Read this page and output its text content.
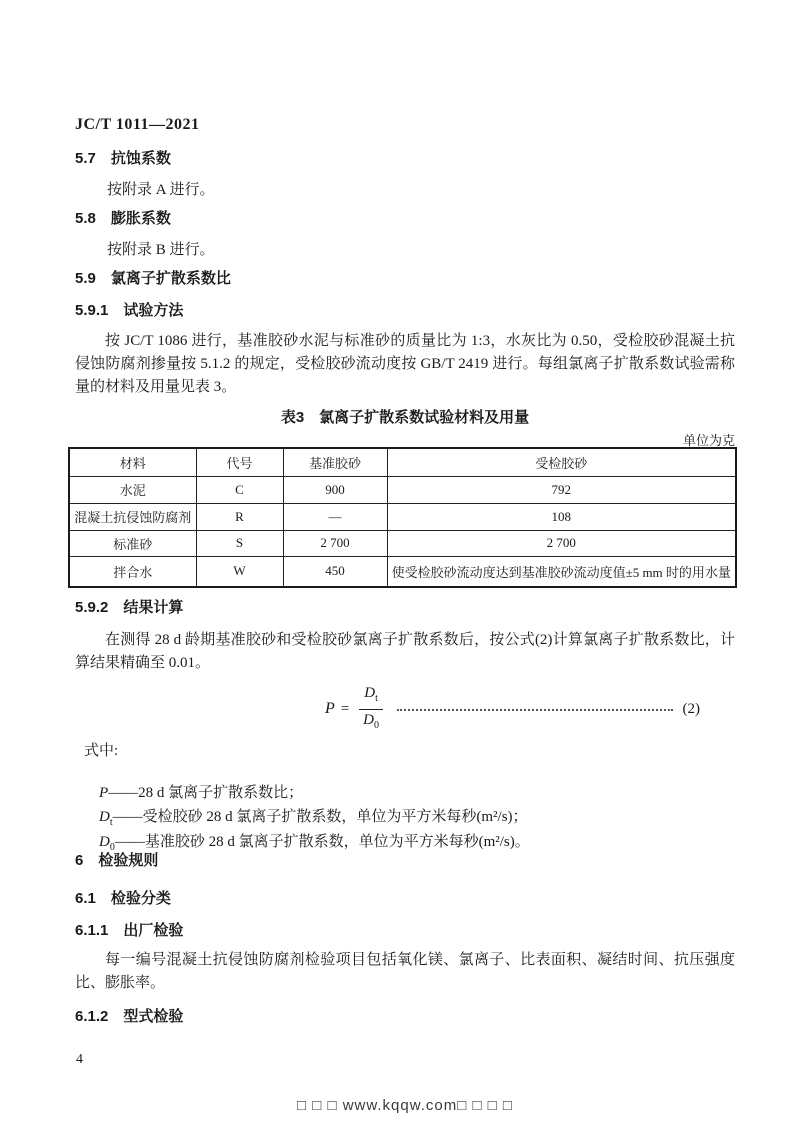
JC/T 1011—2021
5.7　抗蚀系数
按附录 A 进行。
5.8　膨胀系数
按附录 B 进行。
5.9　氯离子扩散系数比
5.9.1　试验方法
按 JC/T 1086 进行，基准胶砂水泥与标准砂的质量比为 1:3，水灰比为 0.50，受检胶砂混凝土抗侵蚀防腐剂掺量按 5.1.2 的规定，受检胶砂流动度按 GB/T 2419 进行。每组氯离子扩散系数试验需称量的材料及用量见表 3。
表3　氯离子扩散系数试验材料及用量
单位为克
材料	代号	基准胶砂	受检胶砂
水泥	C	900	792
混凝土抗侵蚀防腐剂	R	—	108
标准砂	S	2 700	2 700
拌合水	W	450	使受检胶砂流动度达到基准胶砂流动度值±5 mm 时的用水量
5.9.2　结果计算
在测得 28 d 龄期基准胶砂和受检胶砂氯离子扩散系数后，按公式(2)计算氯离子扩散系数比，计算结果精确至 0.01。
$P = \frac{D_t}{D_0}$	(2)
式中:

P——28 d 氯离子扩散系数比；

$D_t——$受检胶砂 28 d 氯离子扩散系数，单位为平方米每秒(m²/s)；

$D_0——$基准胶砂 28 d 氯离子扩散系数，单位为平方米每秒(m²/s)。

6　检验规则
6.1　检验分类
6.1.1　出厂检验
每一编号混凝土抗侵蚀防腐剂检验项目包括氧化镁、氯离子、比表面积、凝结时间、抗压强度比、膨胀率。
6.1.2　型式检验
4
□ □ □ www.kqqw.com□ □ □ □
